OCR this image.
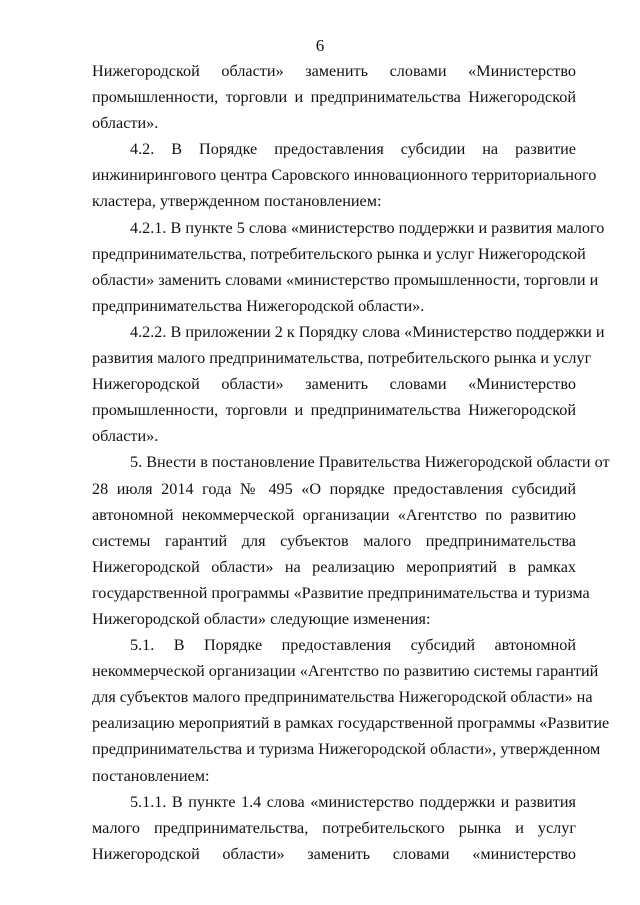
6
Нижегородской области» заменить словами «Министерство
промышленности, торговли и предпринимательства Нижегородской
области».
4.2. В Порядке предоставления субсидии на развитие
инжинирингового центра Саровского инновационного территориального
кластера, утвержденном постановлением:
4.2.1. В пункте 5 слова «министерство поддержки и развития малого
предпринимательства, потребительского рынка и услуг Нижегородской
области» заменить словами «министерство промышленности, торговли и
предпринимательства Нижегородской области».
4.2.2. В приложении 2 к Порядку слова «Министерство поддержки и
развития малого предпринимательства, потребительского рынка и услуг
Нижегородской области» заменить словами «Министерство
промышленности, торговли и предпринимательства Нижегородской
области».
5. Внести в постановление Правительства Нижегородской области от
28 июля 2014 года № 495 «О порядке предоставления субсидий
автономной некоммерческой организации «Агентство по развитию
системы гарантий для субъектов малого предпринимательства
Нижегородской области» на реализацию мероприятий в рамках
государственной программы «Развитие предпринимательства и туризма
Нижегородской области» следующие изменения:
5.1. В Порядке предоставления субсидий автономной
некоммерческой организации «Агентство по развитию системы гарантий
для субъектов малого предпринимательства Нижегородской области» на
реализацию мероприятий в рамках государственной программы «Развитие
предпринимательства и туризма Нижегородской области», утвержденном
постановлением:
5.1.1. В пункте 1.4 слова «министерство поддержки и развития
малого предпринимательства, потребительского рынка и услуг
Нижегородской области» заменить словами «министерство
